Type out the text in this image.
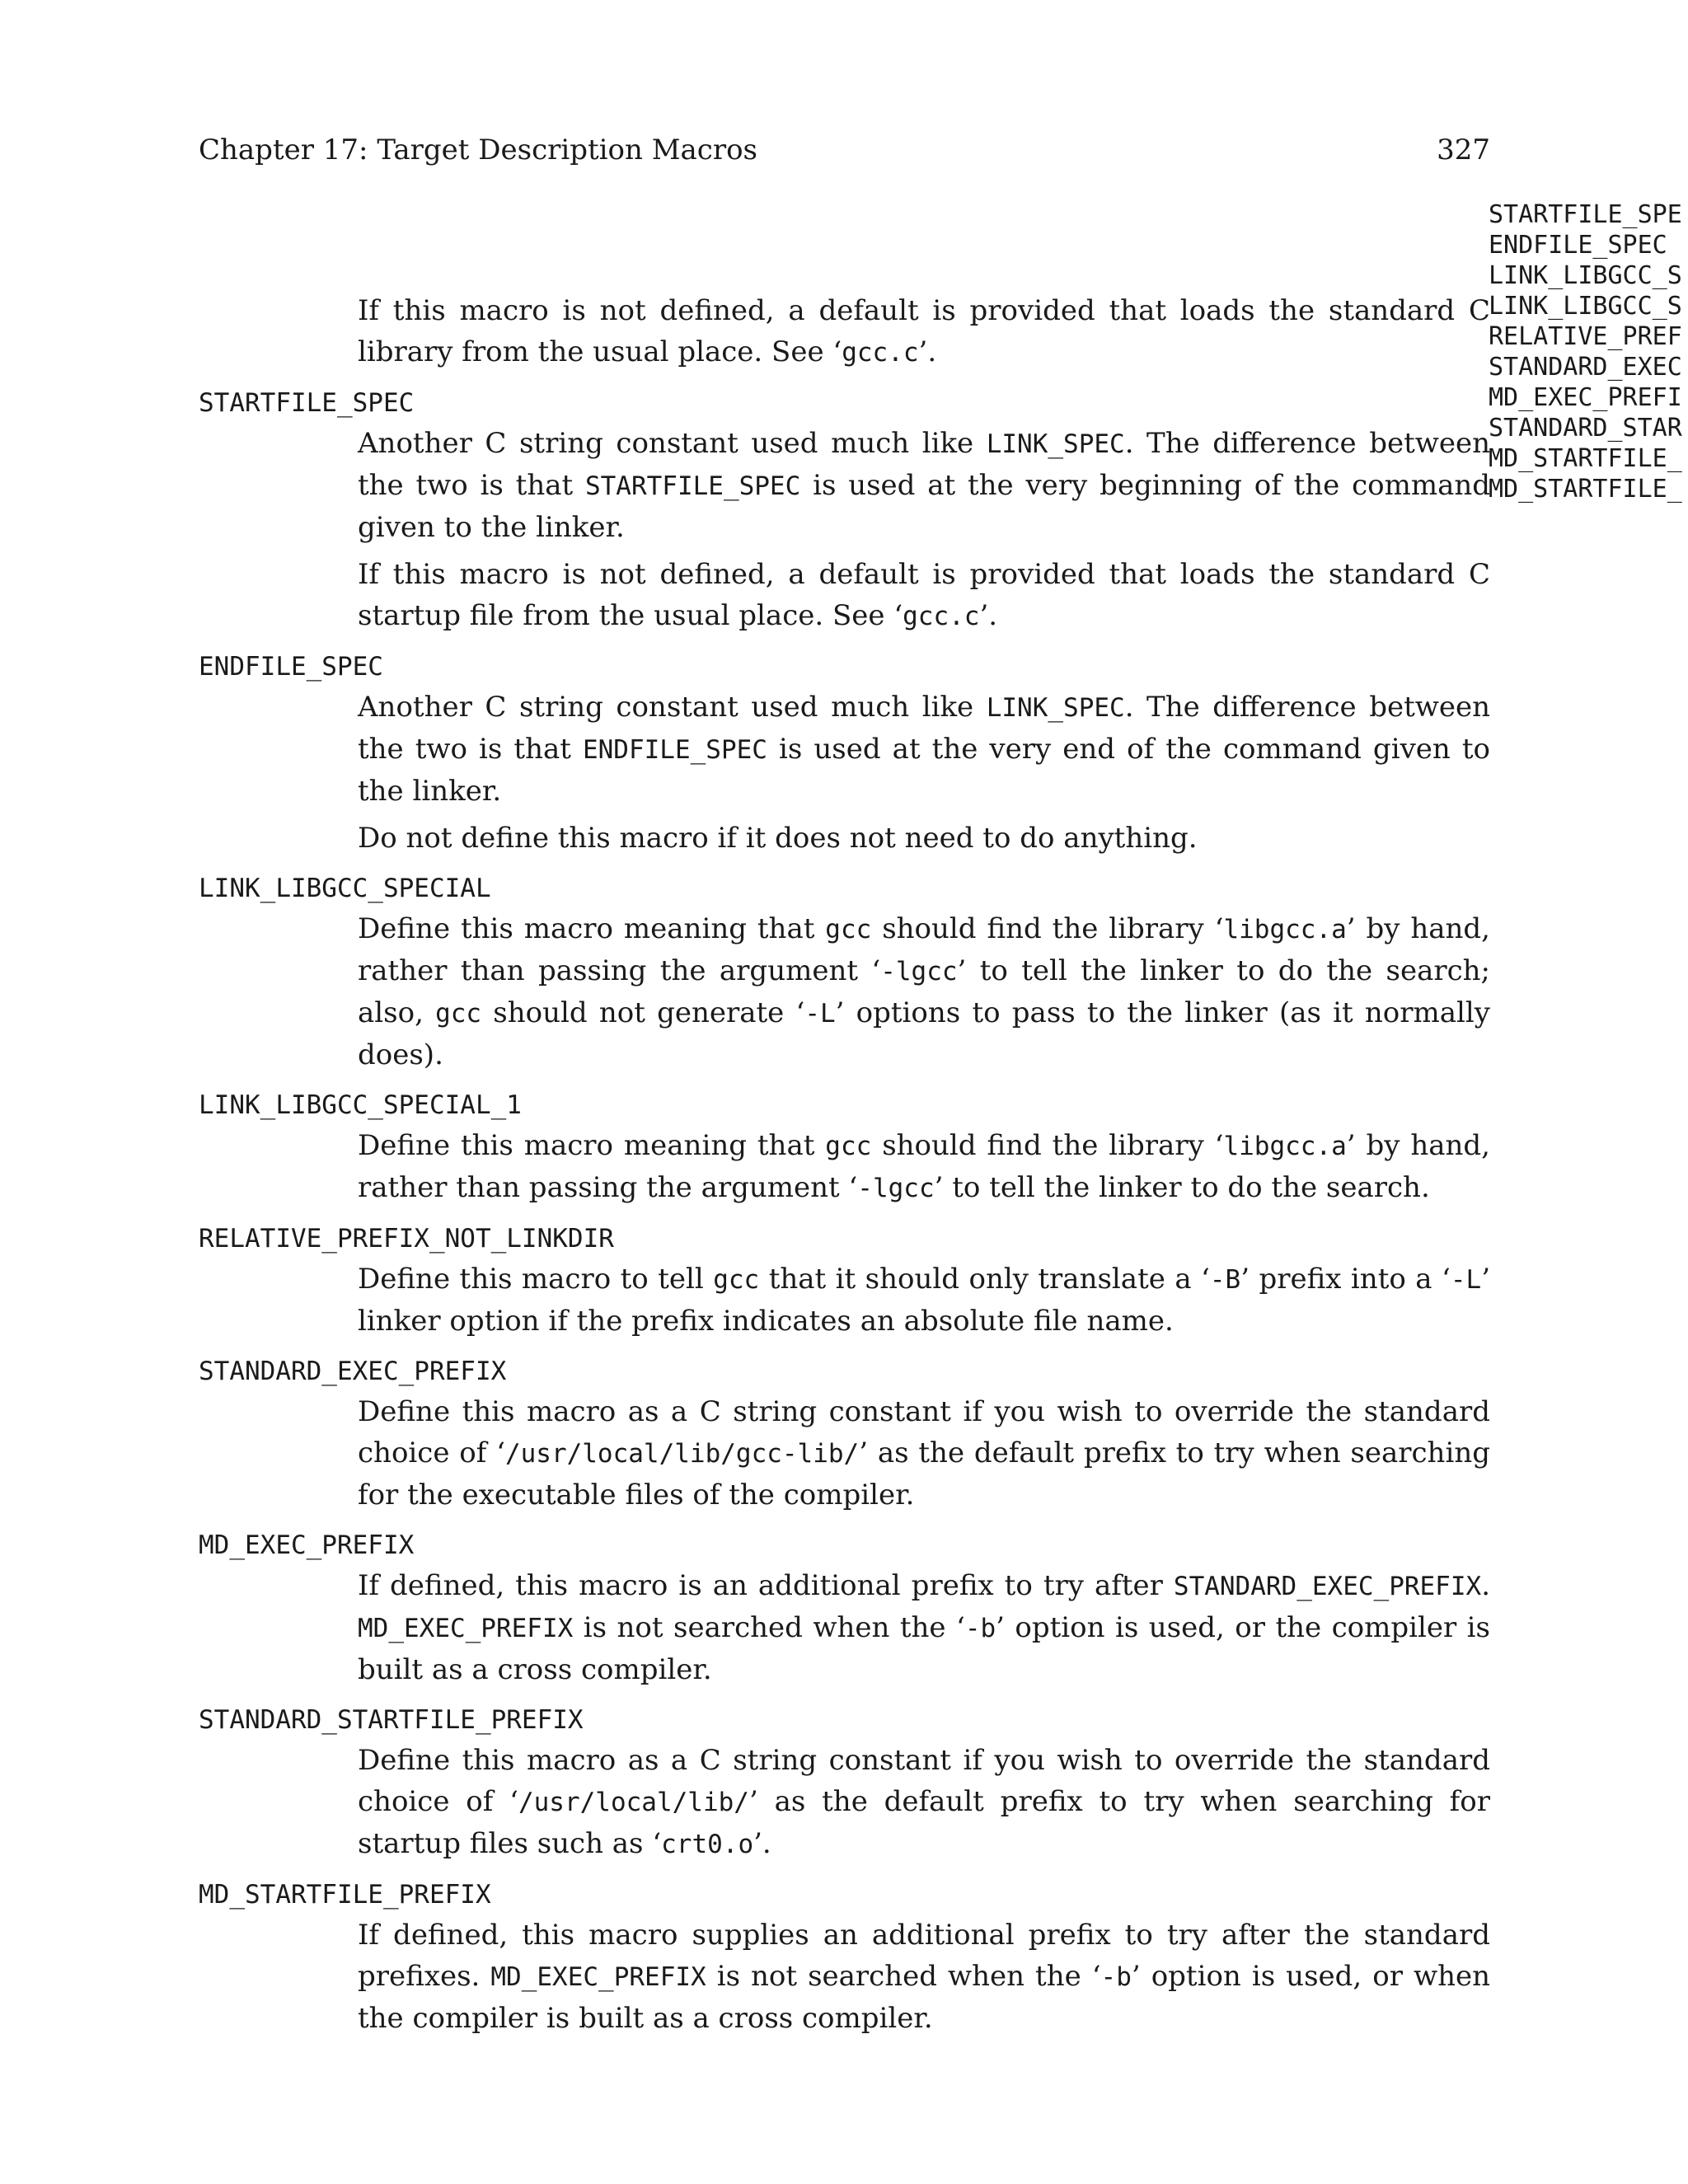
Chapter 17: Target Description Macros	327
STARTFILE_SPE
ENDFILE_SPEC
LINK_LIBGCC_S
LINK_LIBGCC_S
RELATIVE_PREF
STANDARD_EXEC
MD_EXEC_PREFI
STANDARD_STAR
MD_STARTFILE_
MD_STARTFILE_

If this macro is not defined, a default is provided that loads the standard C library from the usual place. See ‘gcc.c’.

STARTFILE_SPEC

Another C string constant used much like LINK_SPEC. The difference between the two is that STARTFILE_SPEC is used at the very beginning of the command given to the linker.

If this macro is not defined, a default is provided that loads the standard C startup file from the usual place. See ‘gcc.c’.

ENDFILE_SPEC

Another C string constant used much like LINK_SPEC. The difference between the two is that ENDFILE_SPEC is used at the very end of the command given to the linker.

Do not define this macro if it does not need to do anything.

LINK_LIBGCC_SPECIAL

Define this macro meaning that gcc should find the library ‘libgcc.a’ by hand, rather than passing the argument ‘-lgcc’ to tell the linker to do the search; also, gcc should not generate ‘-L’ options to pass to the linker (as it normally does).

LINK_LIBGCC_SPECIAL_1

Define this macro meaning that gcc should find the library ‘libgcc.a’ by hand, rather than passing the argument ‘-lgcc’ to tell the linker to do the search.

RELATIVE_PREFIX_NOT_LINKDIR

Define this macro to tell gcc that it should only translate a ‘-B’ prefix into a ‘-L’ linker option if the prefix indicates an absolute file name.

STANDARD_EXEC_PREFIX

Define this macro as a C string constant if you wish to override the standard choice of ‘/usr/local/lib/gcc-lib/’ as the default prefix to try when searching for the executable files of the compiler.

MD_EXEC_PREFIX

If defined, this macro is an additional prefix to try after STANDARD_EXEC_PREFIX. MD_EXEC_PREFIX is not searched when the ‘-b’ option is used, or the compiler is built as a cross compiler.

STANDARD_STARTFILE_PREFIX

Define this macro as a C string constant if you wish to override the standard choice of ‘/usr/local/lib/’ as the default prefix to try when searching for startup files such as ‘crt0.o’.

MD_STARTFILE_PREFIX

If defined, this macro supplies an additional prefix to try after the standard prefixes. MD_EXEC_PREFIX is not searched when the ‘-b’ option is used, or when the compiler is built as a cross compiler.
